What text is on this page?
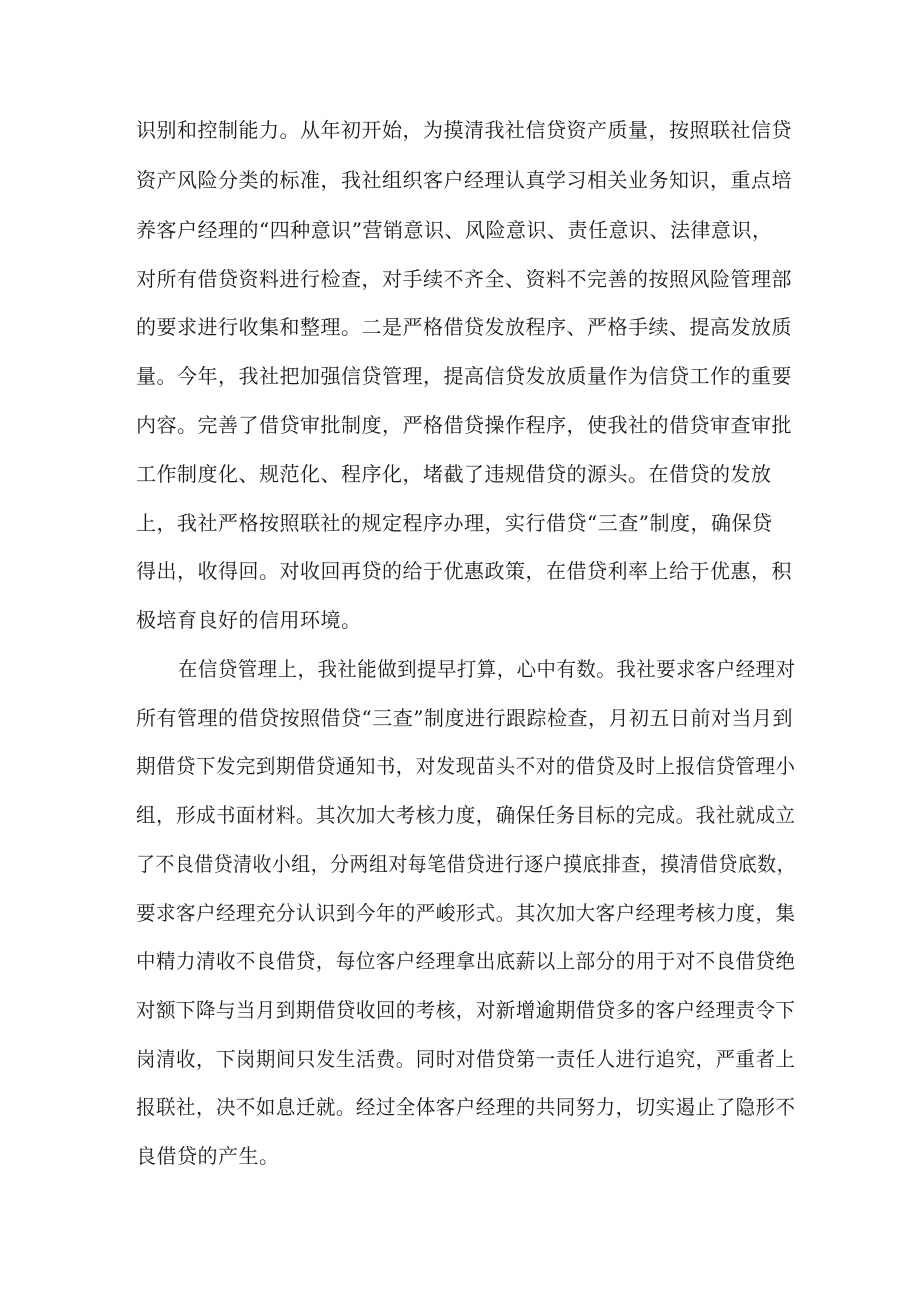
识别和控制能力。从年初开始，为摸清我社信贷资产质量，按照联社信贷

资产风险分类的标准，我社组织客户经理认真学习相关业务知识，重点培

养客户经理的“四种意识”营销意识、风险意识、责任意识、法律意识，

对所有借贷资料进行检查，对手续不齐全、资料不完善的按照风险管理部

的要求进行收集和整理。二是严格借贷发放程序、严格手续、提高发放质

量。今年，我社把加强信贷管理，提高信贷发放质量作为信贷工作的重要

内容。完善了借贷审批制度，严格借贷操作程序，使我社的借贷审查审批

工作制度化、规范化、程序化，堵截了违规借贷的源头。在借贷的发放

上，我社严格按照联社的规定程序办理，实行借贷“三查”制度，确保贷

得出，收得回。对收回再贷的给于优惠政策，在借贷利率上给于优惠，积

极培育良好的信用环境。

在信贷管理上，我社能做到提早打算，心中有数。我社要求客户经理对

所有管理的借贷按照借贷“三查”制度进行跟踪检查，月初五日前对当月到

期借贷下发完到期借贷通知书，对发现苗头不对的借贷及时上报信贷管理小

组，形成书面材料。其次加大考核力度，确保任务目标的完成。我社就成立

了不良借贷清收小组，分两组对每笔借贷进行逐户摸底排查，摸清借贷底数，

要求客户经理充分认识到今年的严峻形式。其次加大客户经理考核力度，集

中精力清收不良借贷，每位客户经理拿出底薪以上部分的用于对不良借贷绝

对额下降与当月到期借贷收回的考核，对新增逾期借贷多的客户经理责令下

岗清收，下岗期间只发生活费。同时对借贷第一责任人进行追究，严重者上

报联社，决不如息迁就。经过全体客户经理的共同努力，切实遏止了隐形不

良借贷的产生。
